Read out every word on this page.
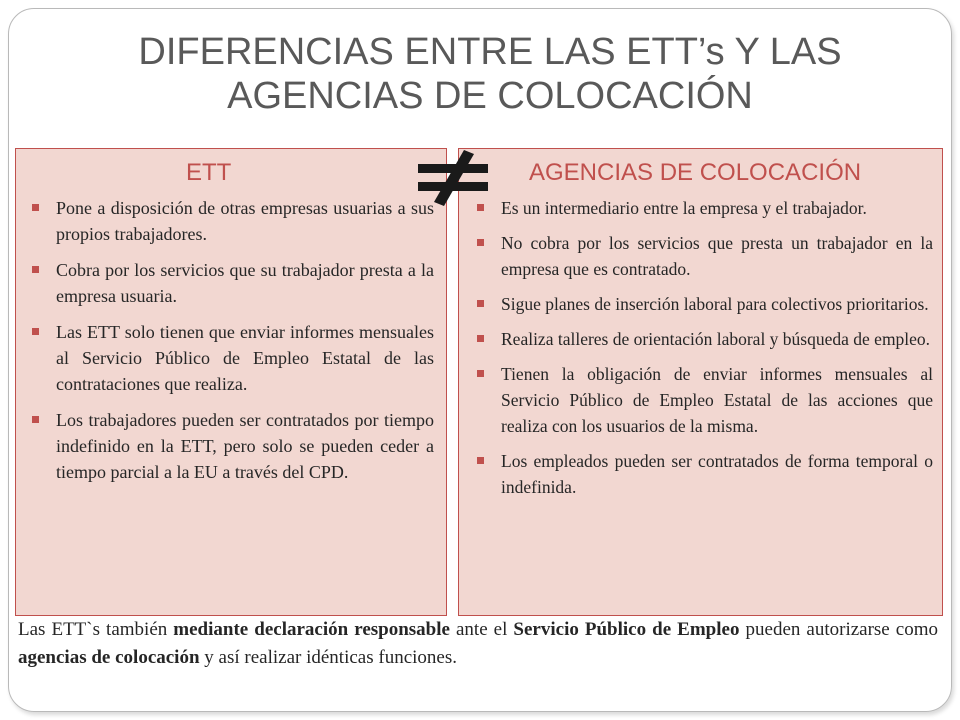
DIFERENCIAS ENTRE LAS ETT’s Y LAS AGENCIAS DE COLOCACIÓN
ETT
Pone a disposición de otras empresas usuarias a sus propios trabajadores.
Cobra por los servicios que su trabajador presta a la empresa usuaria.
Las ETT solo tienen que enviar informes mensuales al Servicio Público de Empleo Estatal de las contrataciones que realiza.
Los trabajadores pueden ser contratados por tiempo indefinido en la ETT, pero solo se pueden ceder a tiempo parcial a la EU a través del CPD.
AGENCIAS DE COLOCACIÓN
Es un intermediario entre la empresa y el trabajador.
No cobra por los servicios que presta un trabajador en la empresa que es contratado.
Sigue planes de inserción laboral para colectivos prioritarios.
Realiza talleres de orientación laboral y búsqueda de empleo.
Tienen la obligación de enviar informes mensuales al Servicio Público de Empleo Estatal de las acciones que realiza con los usuarios de la misma.
Los empleados pueden ser contratados de forma temporal o indefinida.
Las ETT`s también mediante declaración responsable ante el Servicio Público de Empleo pueden autorizarse como agencias de colocación y así realizar idénticas funciones.
